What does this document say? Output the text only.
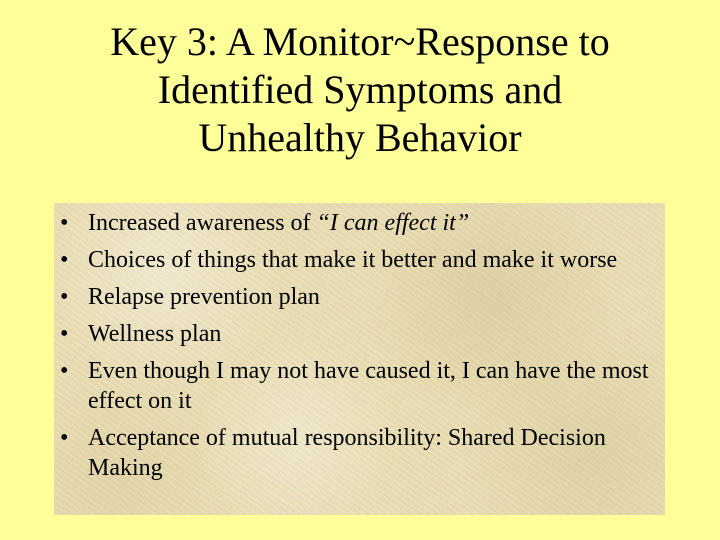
Key 3: A Monitor~Response to
Identified Symptoms and
Unhealthy Behavior
• Increased awareness of “I can effect it”
• Choices of things that make it better and make it worse
• Relapse prevention plan
• Wellness plan
• Even though I may not have caused it, I can have the most effect on it
• Acceptance of mutual responsibility: Shared Decision Making
